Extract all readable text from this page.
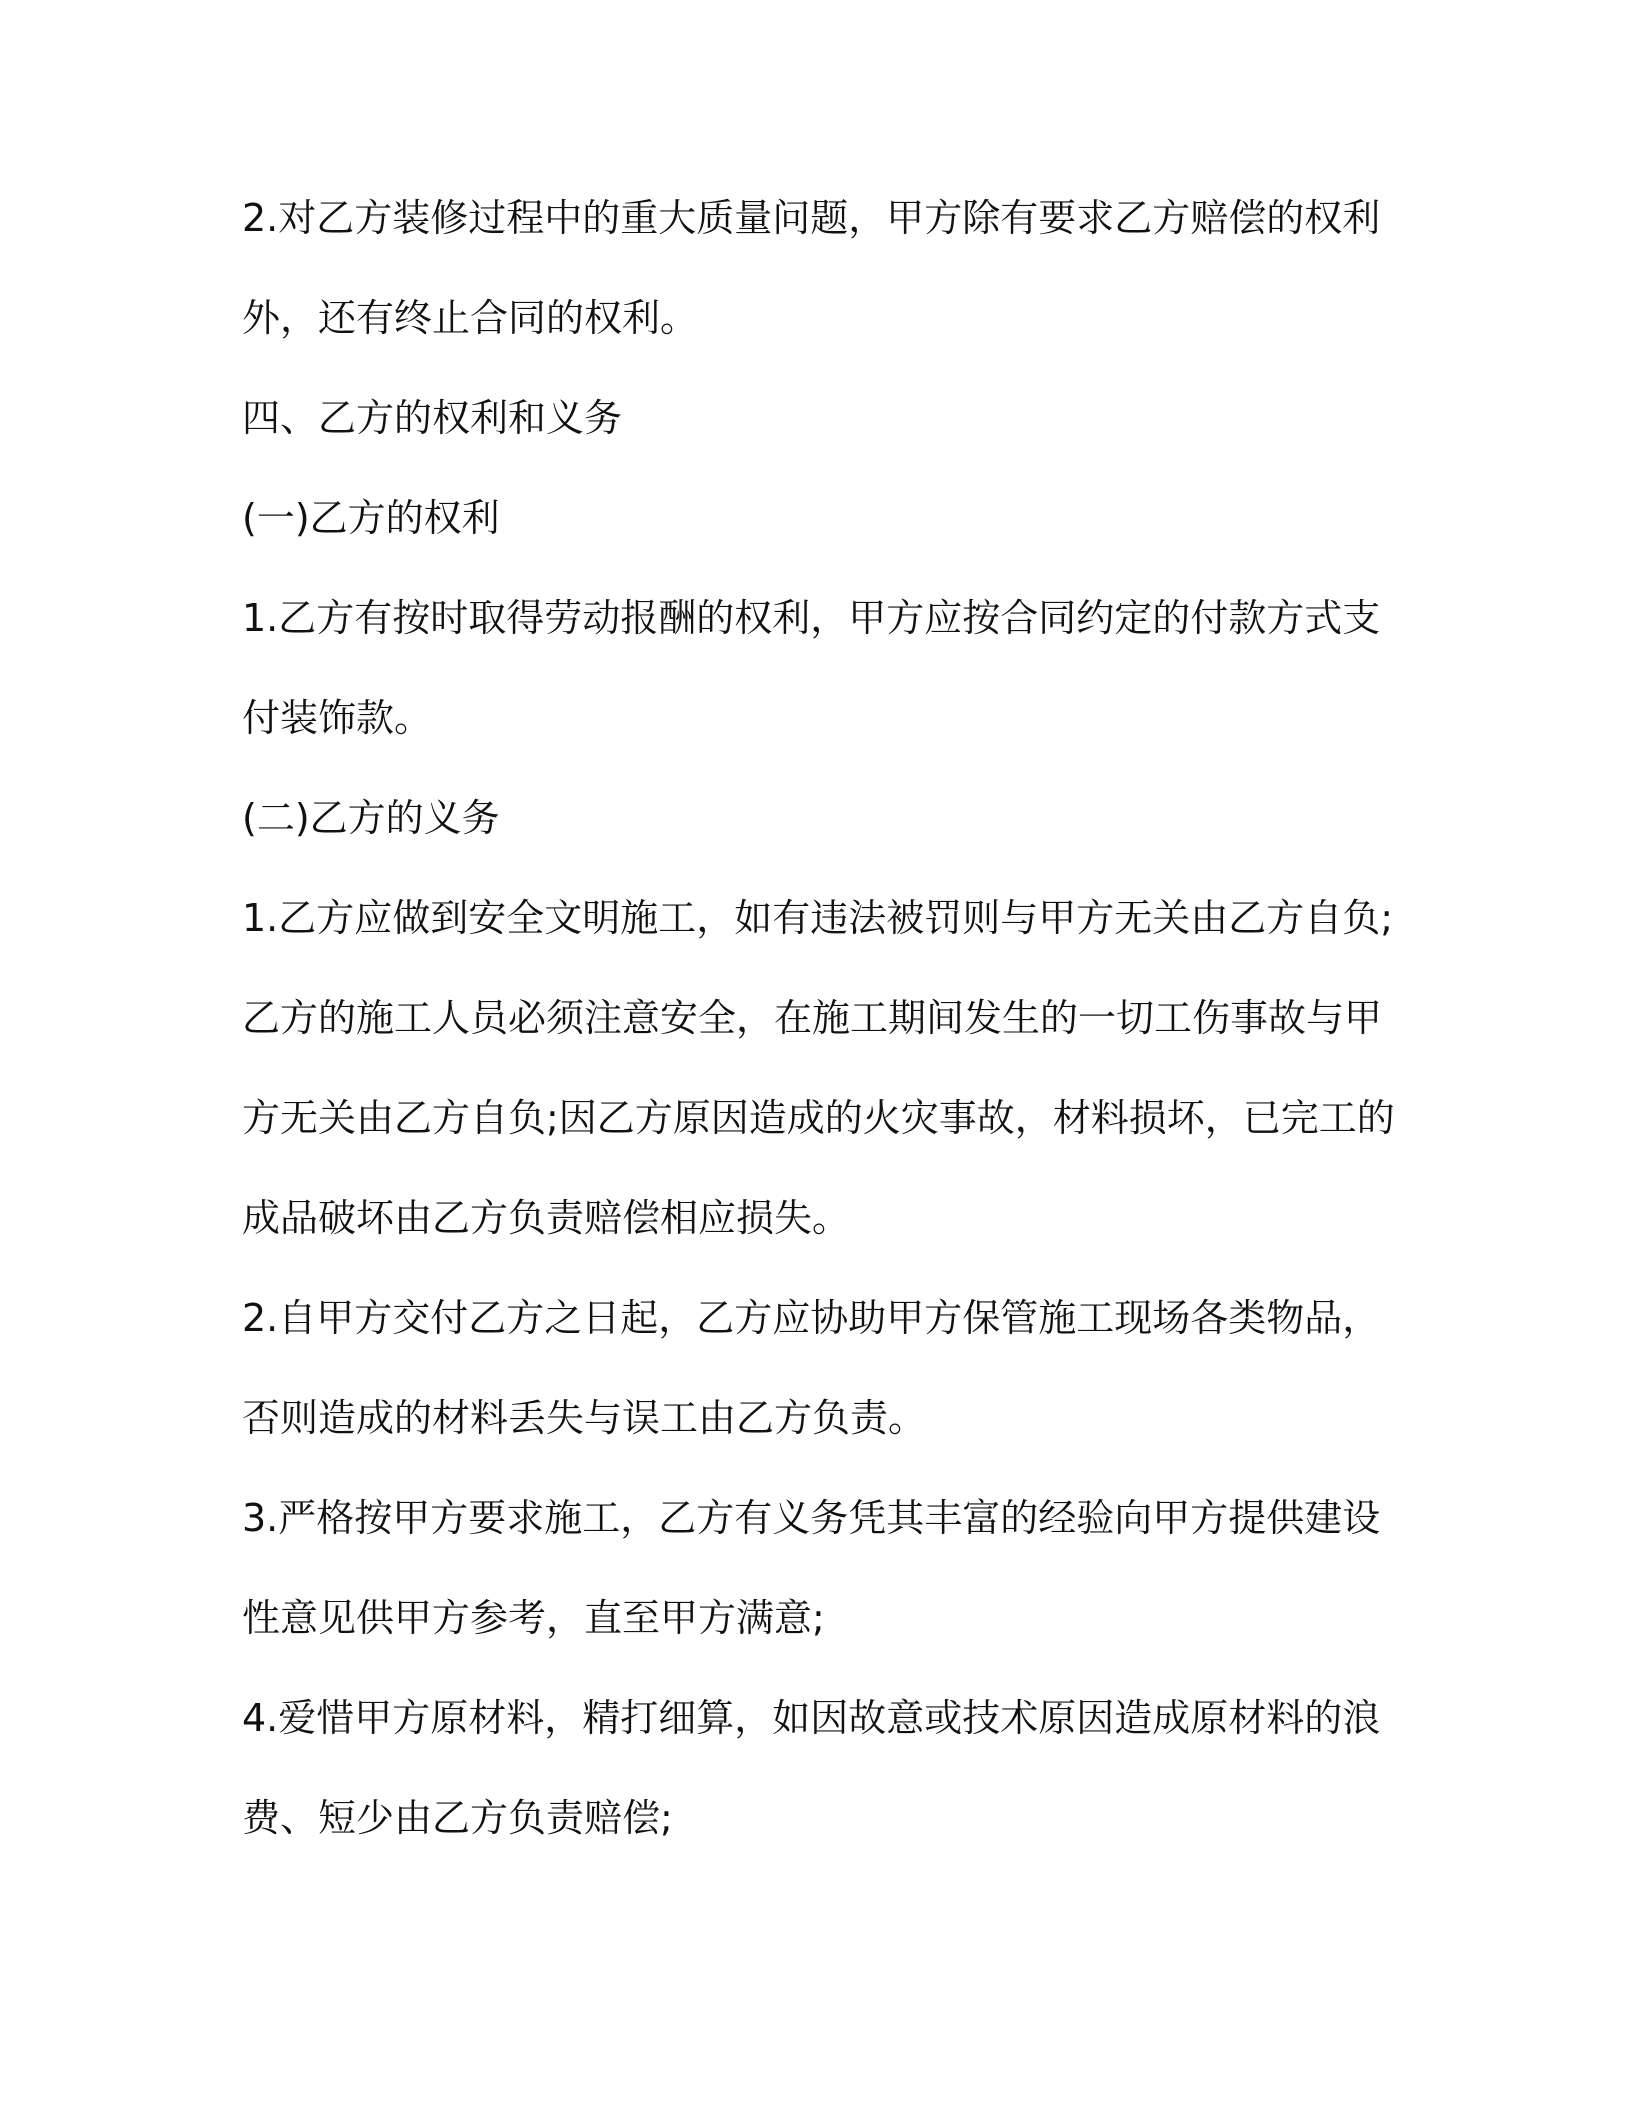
2.对乙方装修过程中的重大质量问题，甲方除有要求乙方赔偿的权利

外，还有终止合同的权利。

四、乙方的权利和义务

(一)乙方的权利

1.乙方有按时取得劳动报酬的权利，甲方应按合同约定的付款方式支

付装饰款。

(二)乙方的义务

1.乙方应做到安全文明施工，如有违法被罚则与甲方无关由乙方自负;

乙方的施工人员必须注意安全，在施工期间发生的一切工伤事故与甲

方无关由乙方自负;因乙方原因造成的火灾事故，材料损坏，已完工的

成品破坏由乙方负责赔偿相应损失。

2.自甲方交付乙方之日起，乙方应协助甲方保管施工现场各类物品，

否则造成的材料丢失与误工由乙方负责。

3.严格按甲方要求施工，乙方有义务凭其丰富的经验向甲方提供建设

性意见供甲方参考，直至甲方满意;

4.爱惜甲方原材料，精打细算，如因故意或技术原因造成原材料的浪

费、短少由乙方负责赔偿;
